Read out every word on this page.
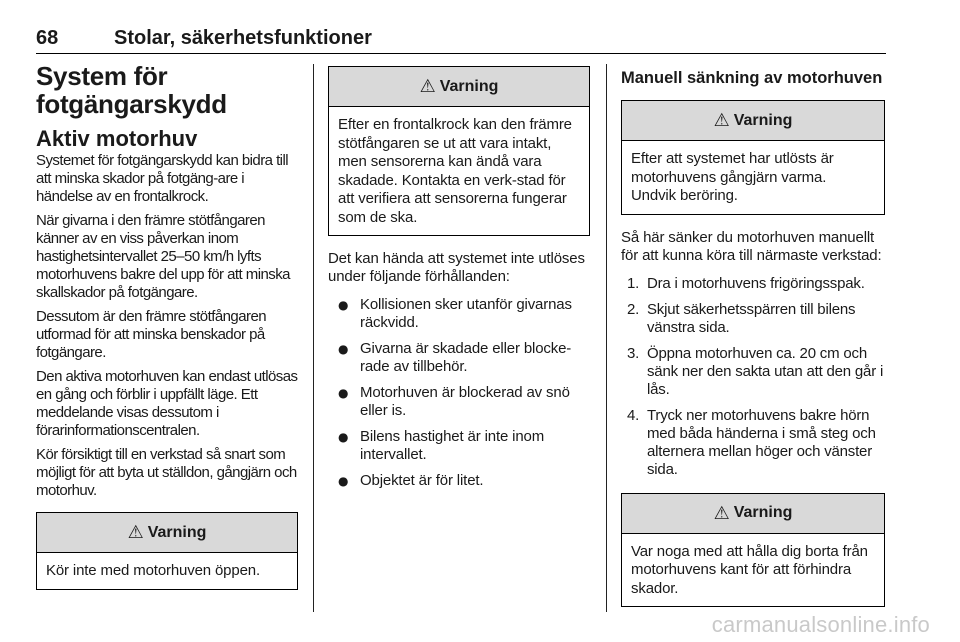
68	Stolar, säkerhetsfunktioner
System för fotgängarskydd
Aktiv motorhuv

Systemet för fotgängarskydd kan bidra till att minska skador på fotgäng-are i händelse av en frontalkrock.

När givarna i den främre stötfångaren känner av en viss påverkan inom hastighetsintervallet 25–50 km/h lyfts motorhuvens bakre del upp för att minska skallskador på fotgängare.

Dessutom är den främre stötfångaren utformad för att minska benskador på fotgängare.

Den aktiva motorhuven kan endast utlösas en gång och förblir i uppfällt läge. Ett meddelande visas dessutom i förarinformationscentralen.

Kör försiktigt till en verkstad så snart som möjligt för att byta ut ställdon, gångjärn och motorhuv.

⚠ Varning
Kör inte med motorhuven öppen.
⚠ Varning
Efter en frontalkrock kan den främre stötfångaren se ut att vara intakt, men sensorerna kan ändå vara skadade. Kontakta en verk-stad för att verifiera att sensorerna fungerar som de ska.

Det kan hända att systemet inte utlöses under följande förhållanden:

● Kollisionen sker utanför givarnas räckvidd.
● Givarna är skadade eller blocke-rade av tillbehör.
● Motorhuven är blockerad av snö eller is.
● Bilens hastighet är inte inom intervallet.
● Objektet är för litet.
Manuell sänkning av motorhuven
⚠ Varning
Efter att systemet har utlösts är motorhuvens gångjärn varma. Undvik beröring.

Så här sänker du motorhuven manuellt för att kunna köra till närmaste verkstad:

1. Dra i motorhuvens frigöringsspak.
2. Skjut säkerhetsspärren till bilens vänstra sida.
3. Öppna motorhuven ca. 20 cm och sänk ner den sakta utan att den går i lås.
4. Tryck ner motorhuvens bakre hörn med båda händerna i små steg och alternera mellan höger och vänster sida.
⚠ Varning
Var noga med att hålla dig borta från motorhuvens kant för att förhindra skador.
carmanualsonline.info
